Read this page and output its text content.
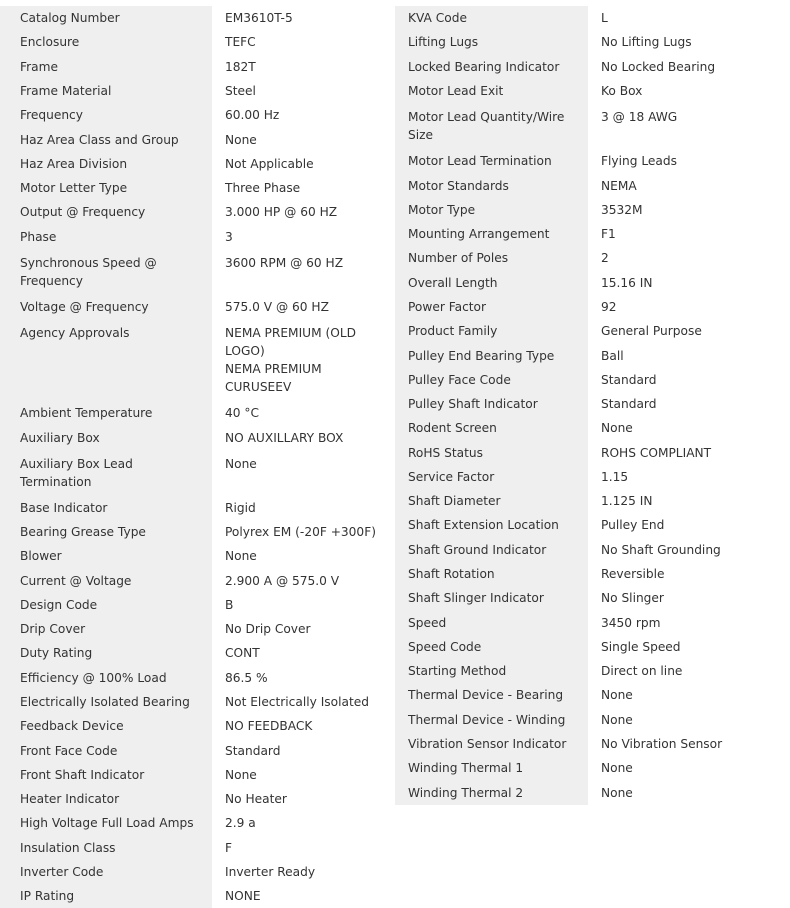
Catalog Number	EM3610T-5

Enclosure	TEFC

Frame	182T

Frame Material	Steel

Frequency	60.00 Hz

Haz Area Class and Group	None

Haz Area Division	Not Applicable

Motor Letter Type	Three Phase

Output @ Frequency	3.000 HP @ 60 HZ

Phase	3

Synchronous Speed @ Frequency	3600 RPM @ 60 HZ

Voltage @ Frequency	575.0 V @ 60 HZ

Agency Approvals	NEMA PREMIUM (OLD LOGO)
NEMA PREMIUM
CURUSEEV

Ambient Temperature	40 °C

Auxiliary Box	NO AUXILLARY BOX

Auxiliary Box Lead Termination	None

Base Indicator	Rigid

Bearing Grease Type	Polyrex EM (-20F +300F)

Blower	None

Current @ Voltage	2.900 A @ 575.0 V

Design Code	B

Drip Cover	No Drip Cover

Duty Rating	CONT

Efficiency @ 100% Load	86.5 %

Electrically Isolated Bearing	Not Electrically Isolated

Feedback Device	NO FEEDBACK

Front Face Code	Standard

Front Shaft Indicator	None

Heater Indicator	No Heater

High Voltage Full Load Amps	2.9 a

Insulation Class	F

Inverter Code	Inverter Ready

IP Rating	NONE
KVA Code	L

Lifting Lugs	No Lifting Lugs

Locked Bearing Indicator	No Locked Bearing

Motor Lead Exit	Ko Box

Motor Lead Quantity/Wire Size	3 @ 18 AWG

Motor Lead Termination	Flying Leads

Motor Standards	NEMA

Motor Type	3532M

Mounting Arrangement	F1

Number of Poles	2

Overall Length	15.16 IN

Power Factor	92

Product Family	General Purpose

Pulley End Bearing Type	Ball

Pulley Face Code	Standard

Pulley Shaft Indicator	Standard

Rodent Screen	None

RoHS Status	ROHS COMPLIANT

Service Factor	1.15

Shaft Diameter	1.125 IN

Shaft Extension Location	Pulley End

Shaft Ground Indicator	No Shaft Grounding

Shaft Rotation	Reversible

Shaft Slinger Indicator	No Slinger

Speed	3450 rpm

Speed Code	Single Speed

Starting Method	Direct on line

Thermal Device - Bearing	None

Thermal Device - Winding	None

Vibration Sensor Indicator	No Vibration Sensor

Winding Thermal 1	None

Winding Thermal 2	None
